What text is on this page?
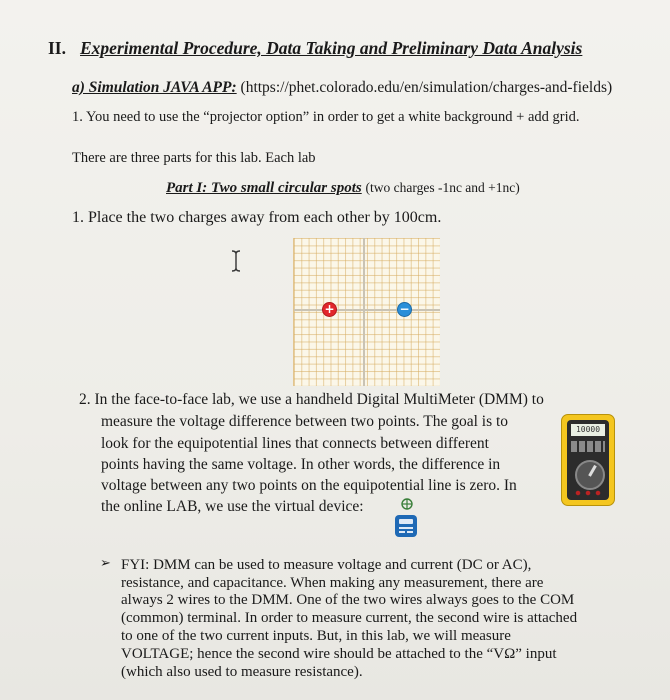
II. Experimental Procedure, Data Taking and Preliminary Data Analysis
a) Simulation JAVA APP: (https://phet.colorado.edu/en/simulation/charges-and-fields)
1. You need to use the “projector option” in order to get a white background + add grid.
There are three parts for this lab. Each lab
Part I: Two small circular spots (two charges -1nc and +1nc)
1. Place the two charges away from each other by 100cm.
+	−
2. In the face-to-face lab, we use a handheld Digital MultiMeter (DMM) to
measure the voltage difference between two points. The goal is to
look for the equipotential lines that connects between different
points having the same voltage. In other words, the difference in
voltage between any two points on the equipotential line is zero. In
the online LAB, we use the virtual device:
10000
➢ FYI: DMM can be used to measure voltage and current (DC or AC),
resistance, and capacitance. When making any measurement, there are
always 2 wires to the DMM. One of the two wires always goes to the COM
(common) terminal. In order to measure current, the second wire is attached
to one of the two current inputs. But, in this lab, we will measure
VOLTAGE; hence the second wire should be attached to the “VΩ” input
(which also used to measure resistance).
